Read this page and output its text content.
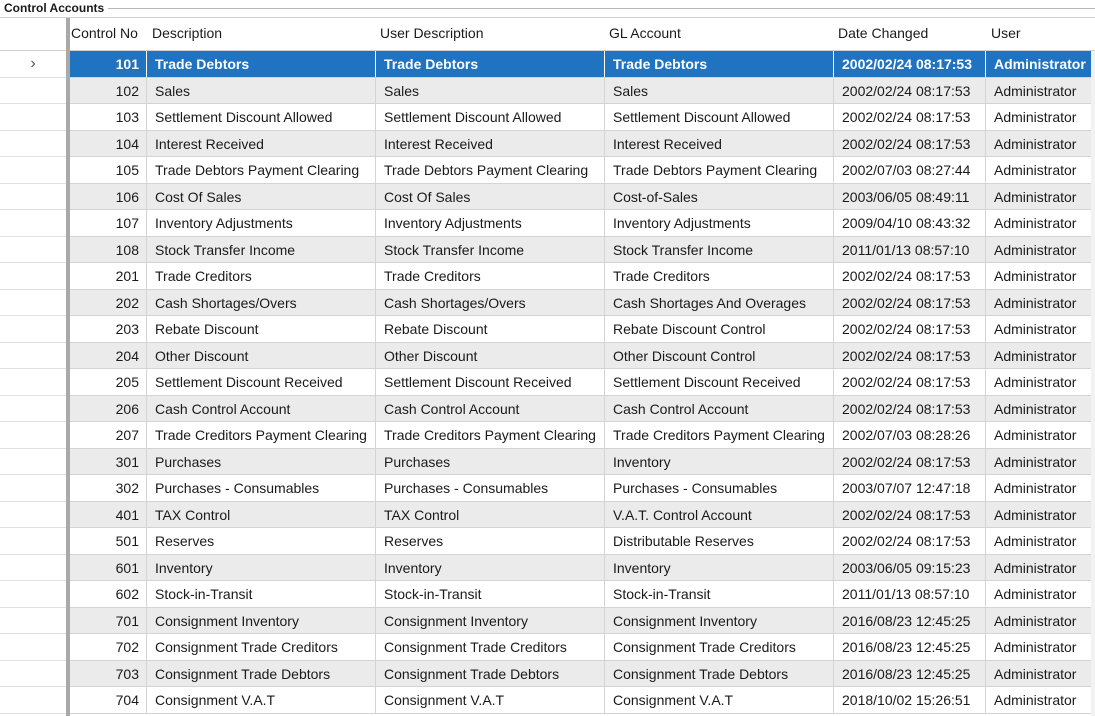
Control Accounts
Control No	Description	User Description	GL Account	Date Changed	User
›	101	Trade Debtors	Trade Debtors	Trade Debtors	2002/02/24 08:17:53	Administrator
102	Sales	Sales	Sales	2002/02/24 08:17:53	Administrator
103	Settlement Discount Allowed	Settlement Discount Allowed	Settlement Discount Allowed	2002/02/24 08:17:53	Administrator
104	Interest Received	Interest Received	Interest Received	2002/02/24 08:17:53	Administrator
105	Trade Debtors Payment Clearing	Trade Debtors Payment Clearing	Trade Debtors Payment Clearing	2002/07/03 08:27:44	Administrator
106	Cost Of Sales	Cost Of Sales	Cost-of-Sales	2003/06/05 08:49:11	Administrator
107	Inventory Adjustments	Inventory Adjustments	Inventory Adjustments	2009/04/10 08:43:32	Administrator
108	Stock Transfer Income	Stock Transfer Income	Stock Transfer Income	2011/01/13 08:57:10	Administrator
201	Trade Creditors	Trade Creditors	Trade Creditors	2002/02/24 08:17:53	Administrator
202	Cash Shortages/Overs	Cash Shortages/Overs	Cash Shortages And Overages	2002/02/24 08:17:53	Administrator
203	Rebate Discount	Rebate Discount	Rebate Discount Control	2002/02/24 08:17:53	Administrator
204	Other Discount	Other Discount	Other Discount Control	2002/02/24 08:17:53	Administrator
205	Settlement Discount Received	Settlement Discount Received	Settlement Discount Received	2002/02/24 08:17:53	Administrator
206	Cash Control Account	Cash Control Account	Cash Control Account	2002/02/24 08:17:53	Administrator
207	Trade Creditors Payment Clearing	Trade Creditors Payment Clearing	Trade Creditors Payment Clearing	2002/07/03 08:28:26	Administrator
301	Purchases	Purchases	Inventory	2002/02/24 08:17:53	Administrator
302	Purchases - Consumables	Purchases - Consumables	Purchases - Consumables	2003/07/07 12:47:18	Administrator
401	TAX Control	TAX Control	V.A.T. Control Account	2002/02/24 08:17:53	Administrator
501	Reserves	Reserves	Distributable Reserves	2002/02/24 08:17:53	Administrator
601	Inventory	Inventory	Inventory	2003/06/05 09:15:23	Administrator
602	Stock-in-Transit	Stock-in-Transit	Stock-in-Transit	2011/01/13 08:57:10	Administrator
701	Consignment Inventory	Consignment Inventory	Consignment Inventory	2016/08/23 12:45:25	Administrator
702	Consignment Trade Creditors	Consignment Trade Creditors	Consignment Trade Creditors	2016/08/23 12:45:25	Administrator
703	Consignment Trade Debtors	Consignment Trade Debtors	Consignment Trade Debtors	2016/08/23 12:45:25	Administrator
704	Consignment V.A.T	Consignment V.A.T	Consignment V.A.T	2018/10/02 15:26:51	Administrator
